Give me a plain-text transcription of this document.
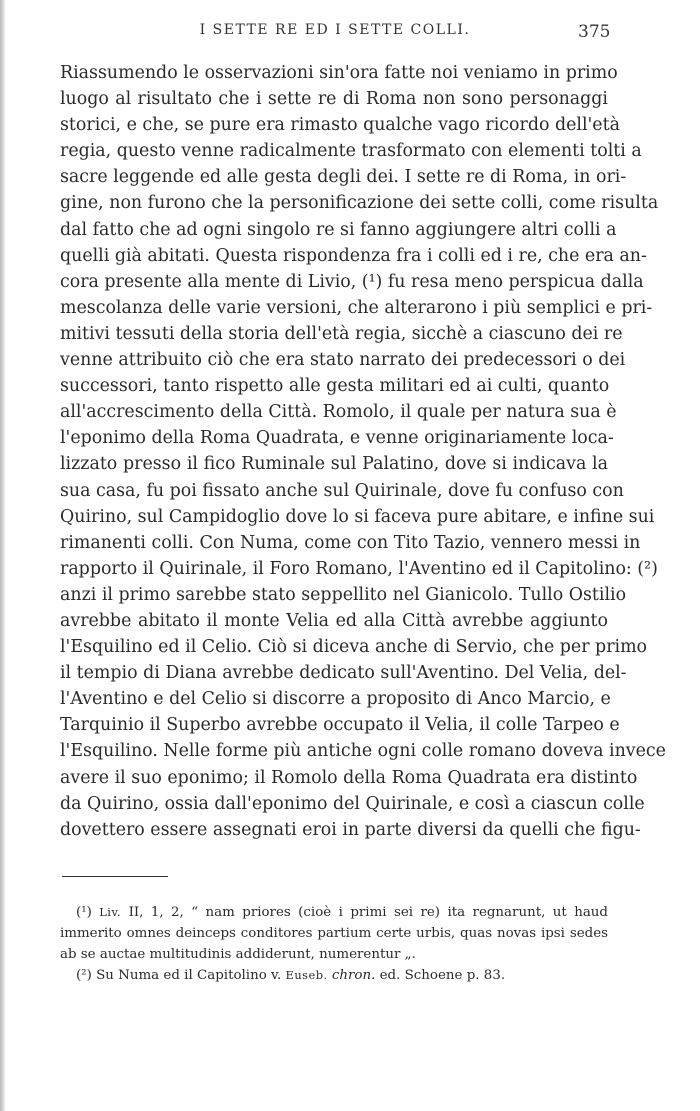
I SETTE RE ED I SETTE COLLI.	375
Riassumendo le osservazioni sin'ora fatte noi veniamo in primo
luogo al risultato che i sette re di Roma non sono personaggi
storici, e che, se pure era rimasto qualche vago ricordo dell'età
regia, questo venne radicalmente trasformato con elementi tolti a
sacre leggende ed alle gesta degli dei. I sette re di Roma, in ori-
gine, non furono che la personificazione dei sette colli, come risulta
dal fatto che ad ogni singolo re si fanno aggiungere altri colli a
quelli già abitati. Questa rispondenza fra i colli ed i re, che era an-
cora presente alla mente di Livio, (¹) fu resa meno perspicua dalla
mescolanza delle varie versioni, che alterarono i più semplici e pri-
mitivi tessuti della storia dell'età regia, sicchè a ciascuno dei re
venne attribuito ciò che era stato narrato dei predecessori o dei
successori, tanto rispetto alle gesta militari ed ai culti, quanto
all'accrescimento della Città. Romolo, il quale per natura sua è
l'eponimo della Roma Quadrata, e venne originariamente loca-
lizzato presso il fico Ruminale sul Palatino, dove si indicava la
sua casa, fu poi fissato anche sul Quirinale, dove fu confuso con
Quirino, sul Campidoglio dove lo si faceva pure abitare, e infine sui
rimanenti colli. Con Numa, come con Tito Tazio, vennero messi in
rapporto il Quirinale, il Foro Romano, l'Aventino ed il Capitolino: (²)
anzi il primo sarebbe stato seppellito nel Gianicolo. Tullo Ostilio
avrebbe abitato il monte Velia ed alla Città avrebbe aggiunto
l'Esquilino ed il Celio. Ciò si diceva anche di Servio, che per primo
il tempio di Diana avrebbe dedicato sull'Aventino. Del Velia, del-
l'Aventino e del Celio si discorre a proposito di Anco Marcio, e
Tarquinio il Superbo avrebbe occupato il Velia, il colle Tarpeo e
l'Esquilino. Nelle forme più antiche ogni colle romano doveva invece
avere il suo eponimo; il Romolo della Roma Quadrata era distinto
da Quirino, ossia dall'eponimo del Quirinale, e così a ciascun colle
dovettero essere assegnati eroi in parte diversi da quelli che figu-
(¹) Liv. II, 1, 2, “ nam priores (cioè i primi sei re) ita regnarunt, ut haud
immerito omnes deinceps conditores partium certe urbis, quas novas ipsi sedes
ab se auctae multitudinis addiderunt, numerentur „.
(²) Su Numa ed il Capitolino v. Euseb. chron. ed. Schoene p. 83.
